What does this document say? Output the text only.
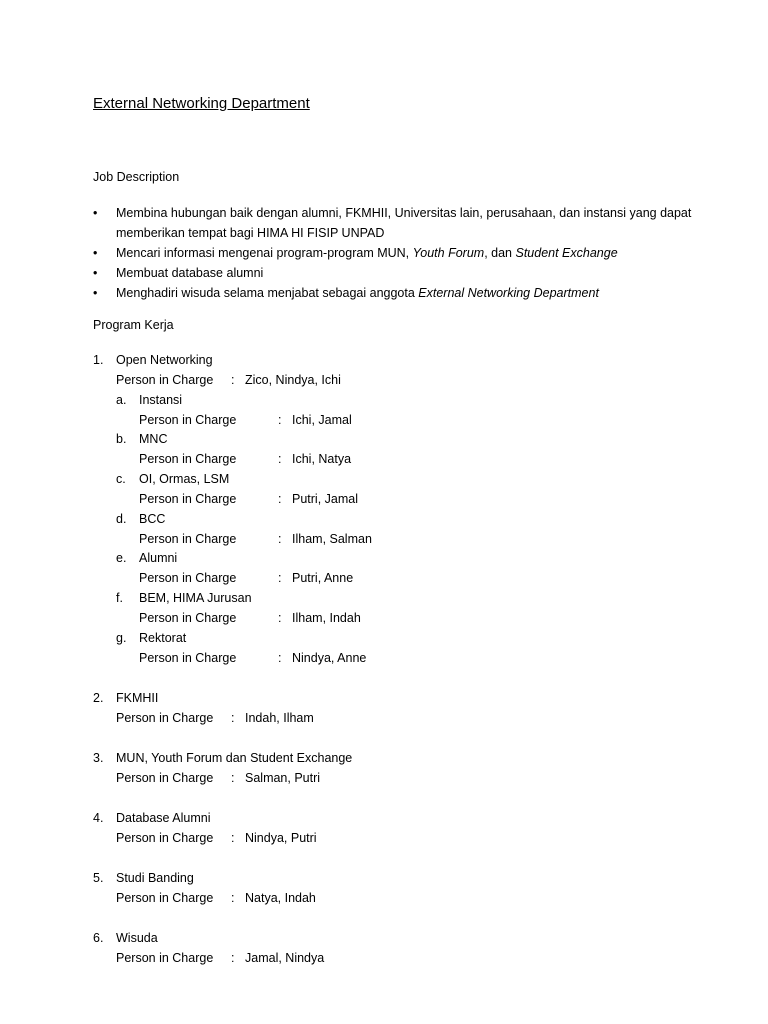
External Networking Department
Job Description
• Membina hubungan baik dengan alumni, FKMHII, Universitas lain, perusahaan, dan instansi yang dapat memberikan tempat bagi HIMA HI FISIP UNPAD
• Mencari informasi mengenai program-program MUN, Youth Forum, dan Student Exchange
• Membuat database alumni
• Menghadiri wisuda selama menjabat sebagai anggota External Networking Department
Program Kerja
1. Open Networking
Person in Charge : Zico, Nindya, Ichi
a. Instansi
Person in Charge	: Ichi, Jamal
b. MNC
Person in Charge	: Ichi, Natya
c. OI, Ormas, LSM
Person in Charge	: Putri, Jamal
d. BCC
Person in Charge	: Ilham, Salman
e. Alumni
Person in Charge	: Putri, Anne
f. BEM, HIMA Jurusan
Person in Charge	: Ilham, Indah
g. Rektorat
Person in Charge	: Nindya, Anne
2. FKMHII
Person in Charge : Indah, Ilham
3. MUN, Youth Forum dan Student Exchange
Person in Charge : Salman, Putri
4. Database Alumni
Person in Charge : Nindya, Putri
5. Studi Banding
Person in Charge : Natya, Indah
6. Wisuda
Person in Charge : Jamal, Nindya
